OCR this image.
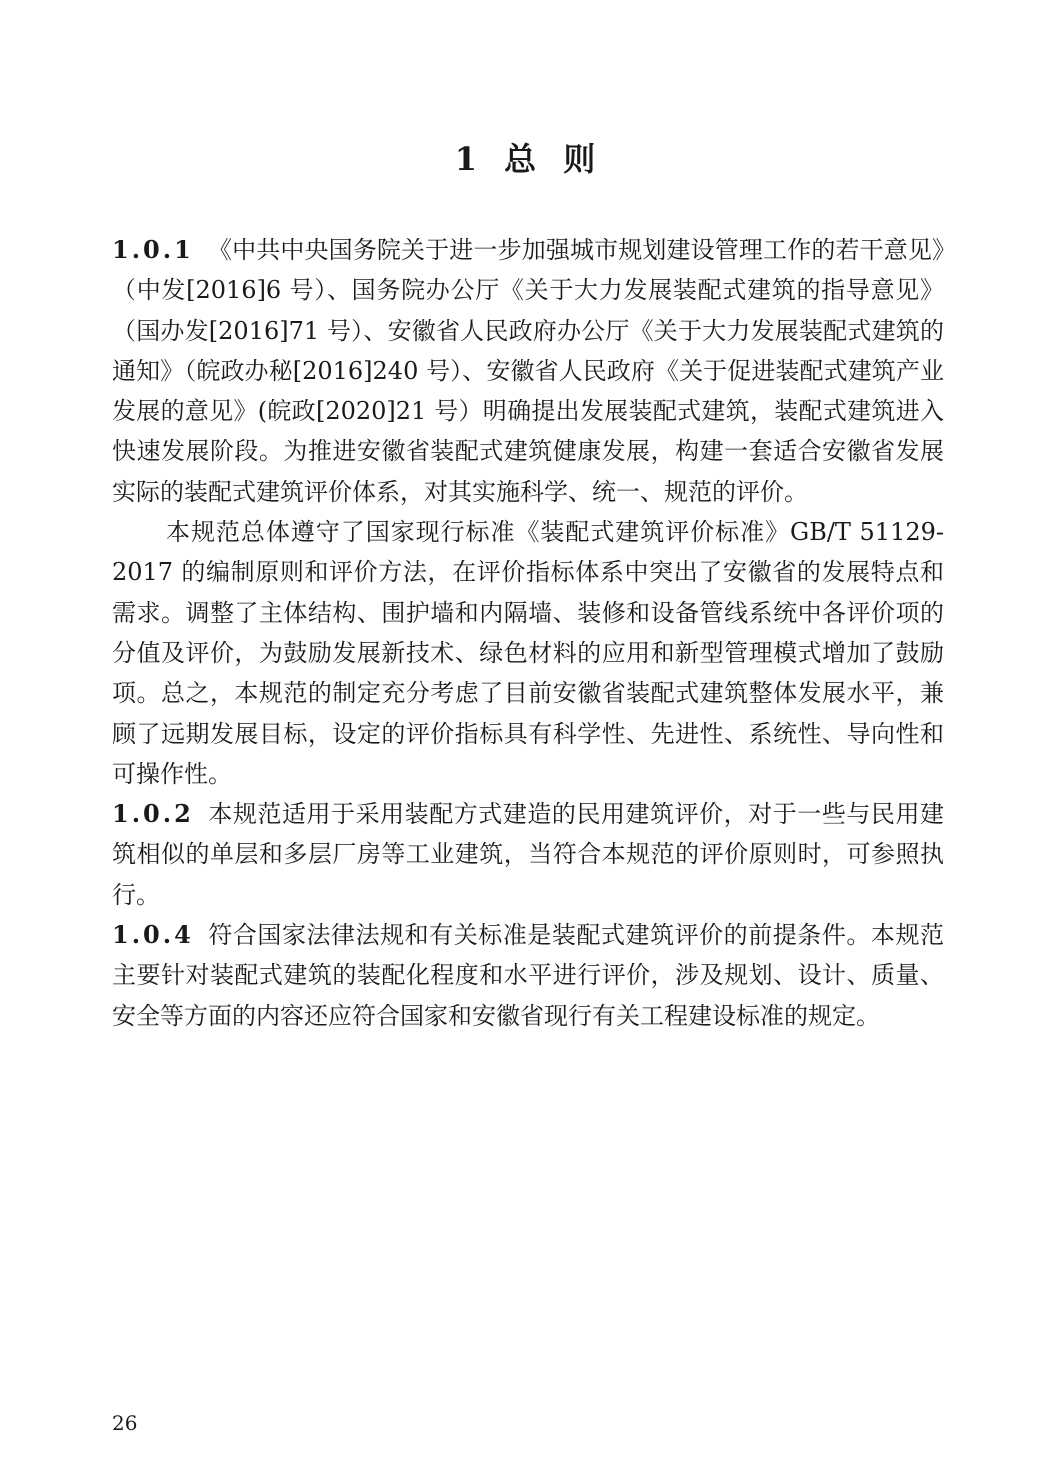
1 总 则

1.0.1 《中共中央国务院关于进一步加强城市规划建设管理工作的若干意见》（中发[2016]6 号）、国务院办公厅《关于大力发展装配式建筑的指导意见》（国办发[2016]71 号）、安徽省人民政府办公厅《关于大力发展装配式建筑的通知》（皖政办秘[2016]240 号）、安徽省人民政府《关于促进装配式建筑产业发展的意见》(皖政[2020]21 号）明确提出发展装配式建筑，装配式建筑进入快速发展阶段。为推进安徽省装配式建筑健康发展，构建一套适合安徽省发展实际的装配式建筑评价体系，对其实施科学、统一、规范的评价。

本规范总体遵守了国家现行标准《装配式建筑评价标准》GB/T 51129-2017 的编制原则和评价方法，在评价指标体系中突出了安徽省的发展特点和需求。调整了主体结构、围护墙和内隔墙、装修和设备管线系统中各评价项的分值及评价，为鼓励发展新技术、绿色材料的应用和新型管理模式增加了鼓励项。总之，本规范的制定充分考虑了目前安徽省装配式建筑整体发展水平，兼顾了远期发展目标，设定的评价指标具有科学性、先进性、系统性、导向性和可操作性。

1.0.2 本规范适用于采用装配方式建造的民用建筑评价，对于一些与民用建筑相似的单层和多层厂房等工业建筑，当符合本规范的评价原则时，可参照执行。

1.0.4 符合国家法律法规和有关标准是装配式建筑评价的前提条件。本规范主要针对装配式建筑的装配化程度和水平进行评价，涉及规划、设计、质量、安全等方面的内容还应符合国家和安徽省现行有关工程建设标准的规定。

26
